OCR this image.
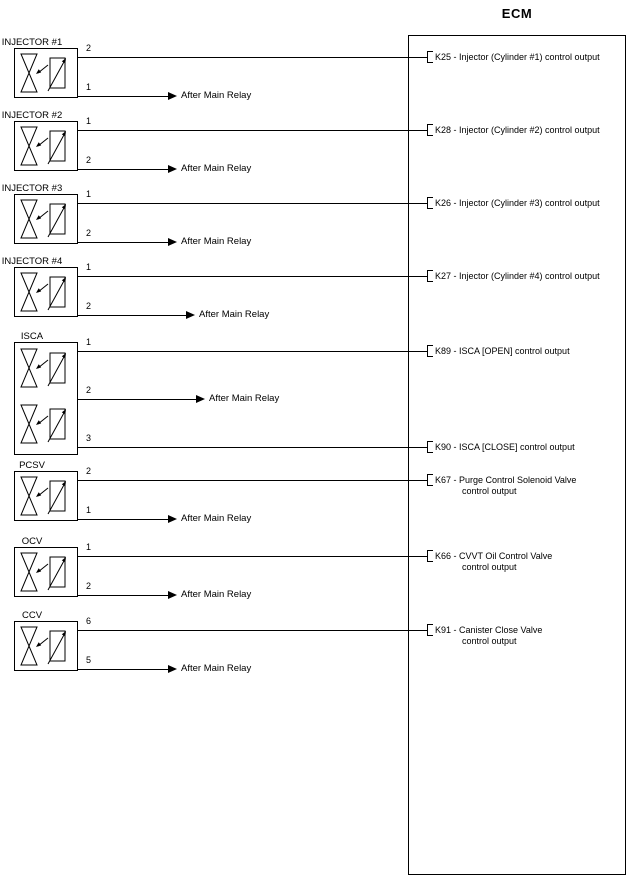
ECM
INJECTOR #1	2
K25 - Injector (Cylinder #1) control output
1
After Main Relay
INJECTOR #2	1
K28 - Injector (Cylinder #2) control output
2
After Main Relay
INJECTOR #3	1
K26 - Injector (Cylinder #3) control output
2
After Main Relay
INJECTOR #4	1
K27 - Injector (Cylinder #4) control output
2
After Main Relay
ISCA	1
K89 - ISCA [OPEN] control output
2
After Main Relay
3
K90 - ISCA [CLOSE] control output
PCSV	2
K67 - Purge Control Solenoid Valve
control output
1
After Main Relay
OCV	1
K66 - CVVT Oil Control Valve
control output
2
After Main Relay
CCV	6
K91 - Canister Close Valve
control output
5
After Main Relay
